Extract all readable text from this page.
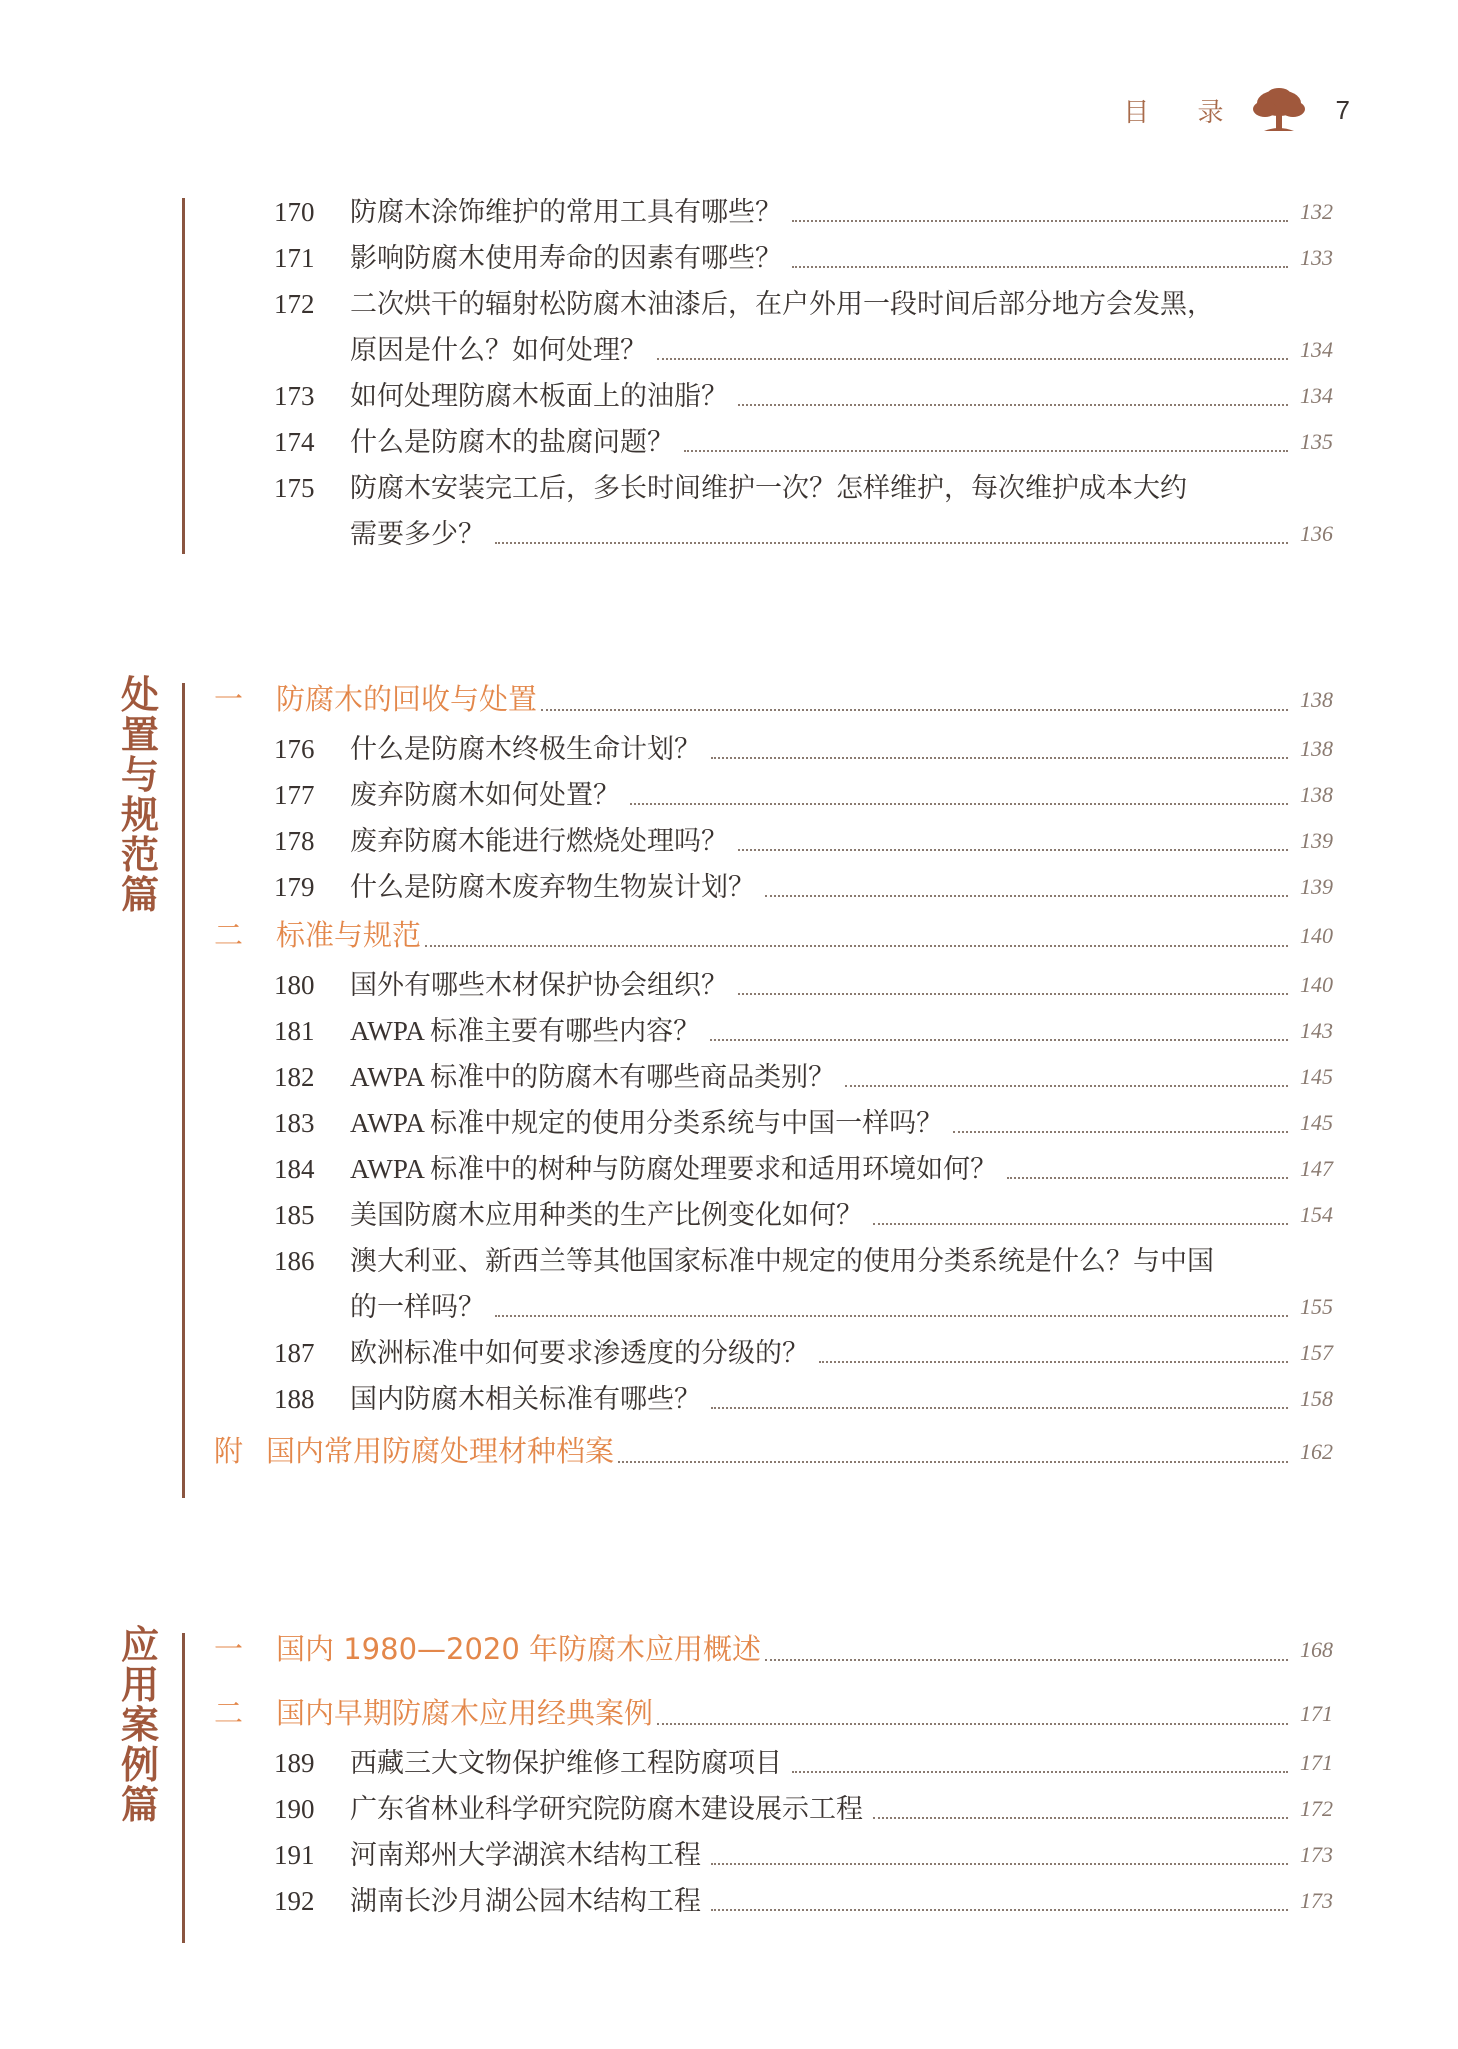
目 录	7
170	防腐木涂饰维护的常用工具有哪些？	132
171	影响防腐木使用寿命的因素有哪些？	133
172	二次烘干的辐射松防腐木油漆后，在户外用一段时间后部分地方会发黑，
原因是什么？如何处理？	134
173	如何处理防腐木板面上的油脂？	134
174	什么是防腐木的盐腐问题？	135
175	防腐木安装完工后，多长时间维护一次？怎样维护，每次维护成本大约
需要多少？	136
处
置
与
规
范
篇
一 防腐木的回收与处置	138
176	什么是防腐木终极生命计划？	138
177	废弃防腐木如何处置？	138
178	废弃防腐木能进行燃烧处理吗？	139
179	什么是防腐木废弃物生物炭计划？	139
二 标准与规范	140
180	国外有哪些木材保护协会组织？	140
181	AWPA 标准主要有哪些内容？	143
182	AWPA 标准中的防腐木有哪些商品类别？	145
183	AWPA 标准中规定的使用分类系统与中国一样吗？	145
184	AWPA 标准中的树种与防腐处理要求和适用环境如何？	147
185	美国防腐木应用种类的生产比例变化如何？	154
186	澳大利亚、新西兰等其他国家标准中规定的使用分类系统是什么？与中国
的一样吗？	155
187	欧洲标准中如何要求渗透度的分级的？	157
188	国内防腐木相关标准有哪些？	158
附 国内常用防腐处理材种档案	162
应
用
案
例
篇
一 国内 1980—2020 年防腐木应用概述	168
二 国内早期防腐木应用经典案例	171
189	西藏三大文物保护维修工程防腐项目	171
190	广东省林业科学研究院防腐木建设展示工程	172
191	河南郑州大学湖滨木结构工程	173
192	湖南长沙月湖公园木结构工程	173
